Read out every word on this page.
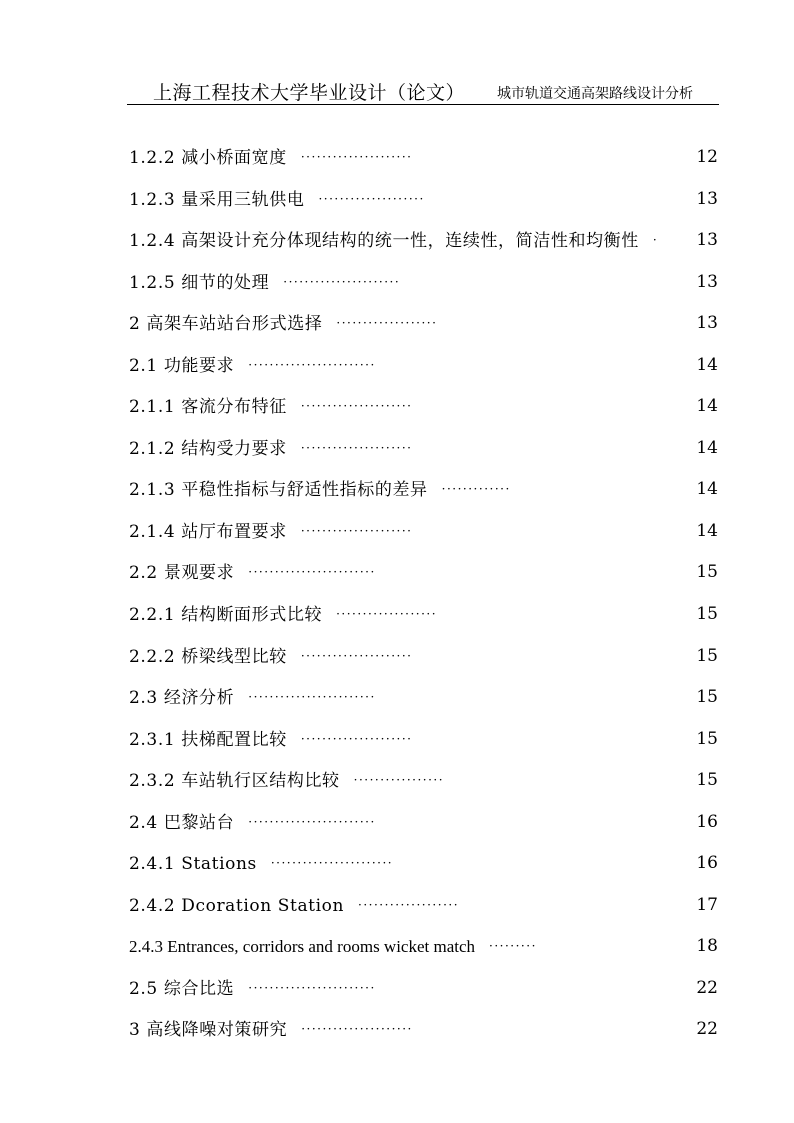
上海工程技术大学毕业设计（论文） 城市轨道交通高架路线设计分析
1.2.2 减小桥面宽度 ·····················	12
1.2.3 量采用三轨供电 ····················	13
1.2.4 高架设计充分体现结构的统一性，连续性，简洁性和均衡性 · 13
1.2.5 细节的处理 ······················	13
2 高架车站站台形式选择 ···················	13
2.1 功能要求 ························	14
2.1.1 客流分布特征 ·····················	14
2.1.2 结构受力要求 ·····················	14
2.1.3 平稳性指标与舒适性指标的差异 ·············	14
2.1.4 站厅布置要求 ·····················	14
2.2 景观要求 ························	15
2.2.1 结构断面形式比较 ···················	15
2.2.2 桥梁线型比较 ·····················	15
2.3 经济分析 ························	15
2.3.1 扶梯配置比较 ·····················	15
2.3.2 车站轨行区结构比较 ·················	15
2.4 巴黎站台 ························	16
2.4.1 Stations ·······················	16
2.4.2 Dcoration Station ···················	17
2.4.3 Entrances, corridors and rooms wicket match ·········	18
2.5 综合比选 ························	22
3 高线降噪对策研究 ·····················	22
